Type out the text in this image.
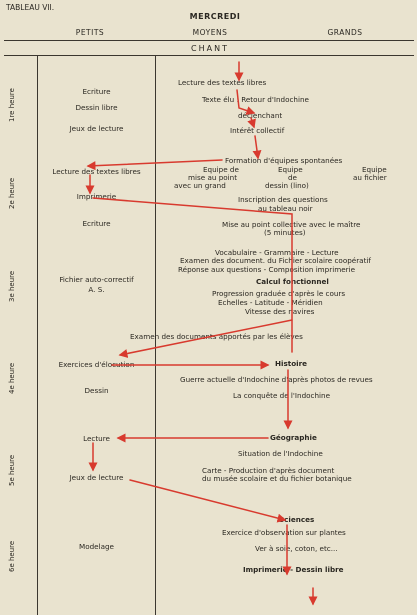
TABLEAU VII.
MERCREDI
PETITS	MOYENS	GRANDS
CHANT
1re heure
2e heure
3e heure
4e heure
5e heure
6e heure
Ecriture
Dessin libre
Jeux de lecture
Lecture des textes libres
Imprimerie
Ecriture
Fichier auto-correctif
A. S.
Exercices d'élocution
Dessin
Lecture
Jeux de lecture
Modelage
Lecture des textes libres
Texte élu : Retour d'Indochine
déclenchant
Intérêt collectif
Formation d'équipes spontanées
Equipe de
mise au point
avec un grand
Equipe
de
dessin (lino)
Equipe
au fichier
Inscription des questions
au tableau noir
Mise au point collective avec le maître
(5 minutes)
Vocabulaire - Grammaire - Lecture
Examen des document. du Fichier scolaire coopératif
Réponse aux questions - Composition imprimerie
Calcul fonctionnel
Progression graduée d'après le cours
Echelles - Latitude - Méridien
Vitesse des navires
Examen des documents apportés par les élèves
Histoire
Guerre actuelle d'Indochine d'après photos de revues
La conquête de l'Indochine
Géographie
Situation de l'Indochine
Carte - Production d'après document
du musée scolaire et du fichier botanique
Sciences
Exercice d'observation sur plantes
Ver à soie, coton, etc...
Imprimerie - Dessin libre
